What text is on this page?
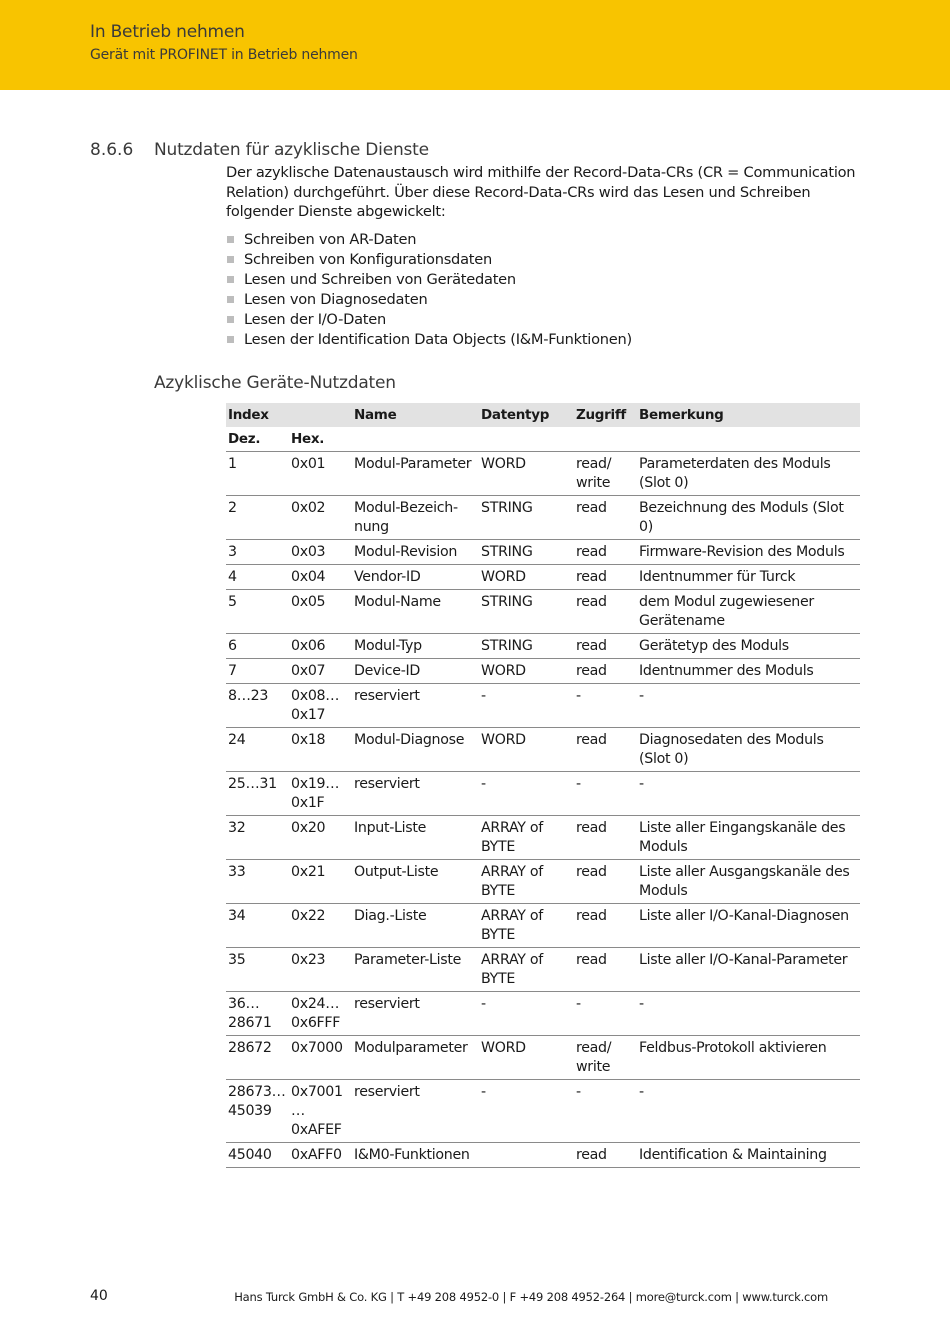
In Betrieb nehmen
Gerät mit PROFINET in Betrieb nehmen
8.6.6 Nutzdaten für azyklische Dienste
Der azyklische Datenaustausch wird mithilfe der Record-Data-CRs (CR = Communication Relation) durchgeführt. Über diese Record-Data-CRs wird das Lesen und Schreiben folgender Dienste abgewickelt:
Schreiben von AR-Daten
Schreiben von Konfigurationsdaten
Lesen und Schreiben von Gerätedaten
Lesen von Diagnosedaten
Lesen der I/O-Daten
Lesen der Identification Data Objects (I&M-Funktionen)
Azyklische Geräte-Nutzdaten
Index		Name	Datentyp	Zugriff	Bemerkung
Dez.	Hex.				
1	0x01	Modul-Parameter	WORD	read/ write	Parameterdaten des Moduls (Slot 0)
2	0x02	Modul-Bezeich-nung	STRING	read	Bezeichnung des Moduls (Slot 0)
3	0x03	Modul-Revision	STRING	read	Firmware-Revision des Moduls
4	0x04	Vendor-ID	WORD	read	Identnummer für Turck
5	0x05	Modul-Name	STRING	read	dem Modul zugewiesener Gerätename
6	0x06	Modul-Typ	STRING	read	Gerätetyp des Moduls
7	0x07	Device-ID	WORD	read	Identnummer des Moduls
8…23	0x08… 0x17	reserviert	-	-	-
24	0x18	Modul-Diagnose	WORD	read	Diagnosedaten des Moduls (Slot 0)
25…31	0x19… 0x1F	reserviert	-	-	-
32	0x20	Input-Liste	ARRAY of BYTE	read	Liste aller Eingangskanäle des Moduls
33	0x21	Output-Liste	ARRAY of BYTE	read	Liste aller Ausgangskanäle des Moduls
34	0x22	Diag.-Liste	ARRAY of BYTE	read	Liste aller I/O-Kanal-Diagnosen
35	0x23	Parameter-Liste	ARRAY of BYTE	read	Liste aller I/O-Kanal-Parameter
36… 28671	0x24… 0x6FFF	reserviert	-	-	-
28672	0x7000	Modulparameter	WORD	read/ write	Feldbus-Protokoll aktivieren
28673… 45039	0x7001 … 0xAFEF	reserviert	-	-	-
45040	0xAFF0	I&M0-Funktionen		read	Identification & Maintaining
40	Hans Turck GmbH & Co. KG | T +49 208 4952-0 | F +49 208 4952-264 | more@turck.com | www.turck.com
